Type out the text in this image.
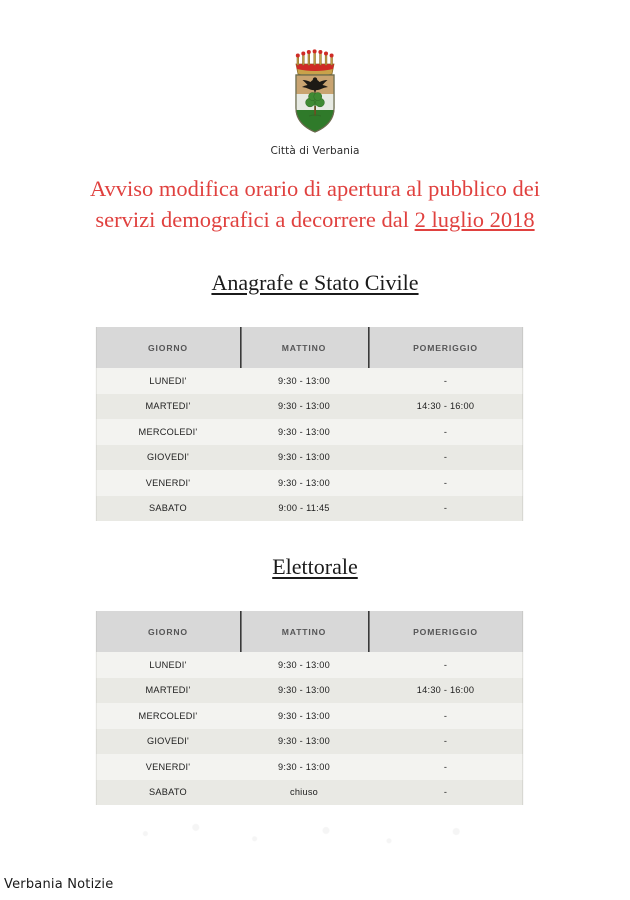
Città di Verbania
Avviso modifica orario di apertura al pubblico dei
servizi demografici a decorrere dal 2 luglio 2018
Anagrafe e Stato Civile
GIORNO	MATTINO	POMERIGGIO
LUNEDI'	9:30 - 13:00	-
MARTEDI'	9:30 - 13:00	14:30 - 16:00
MERCOLEDI'	9:30 - 13:00	-
GIOVEDI'	9:30 - 13:00	-
VENERDI'	9:30 - 13:00	-
SABATO	9:00 - 11:45	-
Elettorale
GIORNO	MATTINO	POMERIGGIO
LUNEDI'	9:30 - 13:00	-
MARTEDI'	9:30 - 13:00	14:30 - 16:00
MERCOLEDI'	9:30 - 13:00	-
GIOVEDI'	9:30 - 13:00	-
VENERDI'	9:30 - 13:00	-
SABATO	chiuso	-
Verbania Notizie
